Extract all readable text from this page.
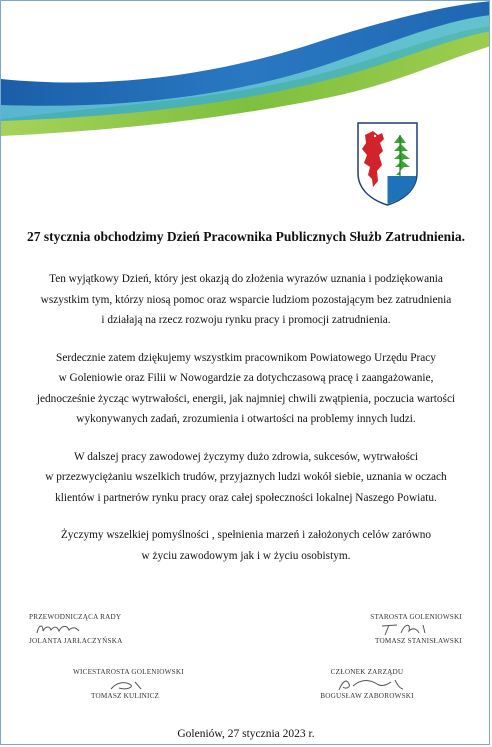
27 stycznia obchodzimy Dzień Pracownika Publicznych Służb Zatrudnienia.
Ten wyjątkowy Dzień, który jest okazją do złożenia wyrazów uznania i podziękowania
wszystkim tym, którzy niosą pomoc oraz wsparcie ludziom pozostającym bez zatrudnienia
i działają na rzecz rozwoju rynku pracy i promocji zatrudnienia.
Serdecznie zatem dziękujemy wszystkim pracownikom Powiatowego Urzędu Pracy
w Goleniowie oraz Filii w Nowogardzie za dotychczasową pracę i zaangażowanie,
jednocześnie życząc wytrwałości, energii, jak najmniej chwili zwątpienia, poczucia wartości
wykonywanych zadań, zrozumienia i otwartości na problemy innych ludzi.
W dalszej pracy zawodowej życzymy dużo zdrowia, sukcesów, wytrwałości
w przezwyciężaniu wszelkich trudów, przyjaznych ludzi wokół siebie, uznania w oczach
klientów i partnerów rynku pracy oraz całej społeczności lokalnej Naszego Powiatu.
Życzymy wszelkiej pomyślności , spełnienia marzeń i założonych celów zarówno
w życiu zawodowym jak i w życiu osobistym.
PRZEWODNICZĄCA RADY
JOLANTA JARŁACZYŃSKA
STAROSTA GOLENIOWSKI
TOMASZ STANISŁAWSKI
WICESTAROSTA GOLENIOWSKI
TOMASZ KULINICZ
CZŁONEK ZARZĄDU
BOGUSŁAW ZABOROWSKI
Goleniów, 27 stycznia 2023 r.
